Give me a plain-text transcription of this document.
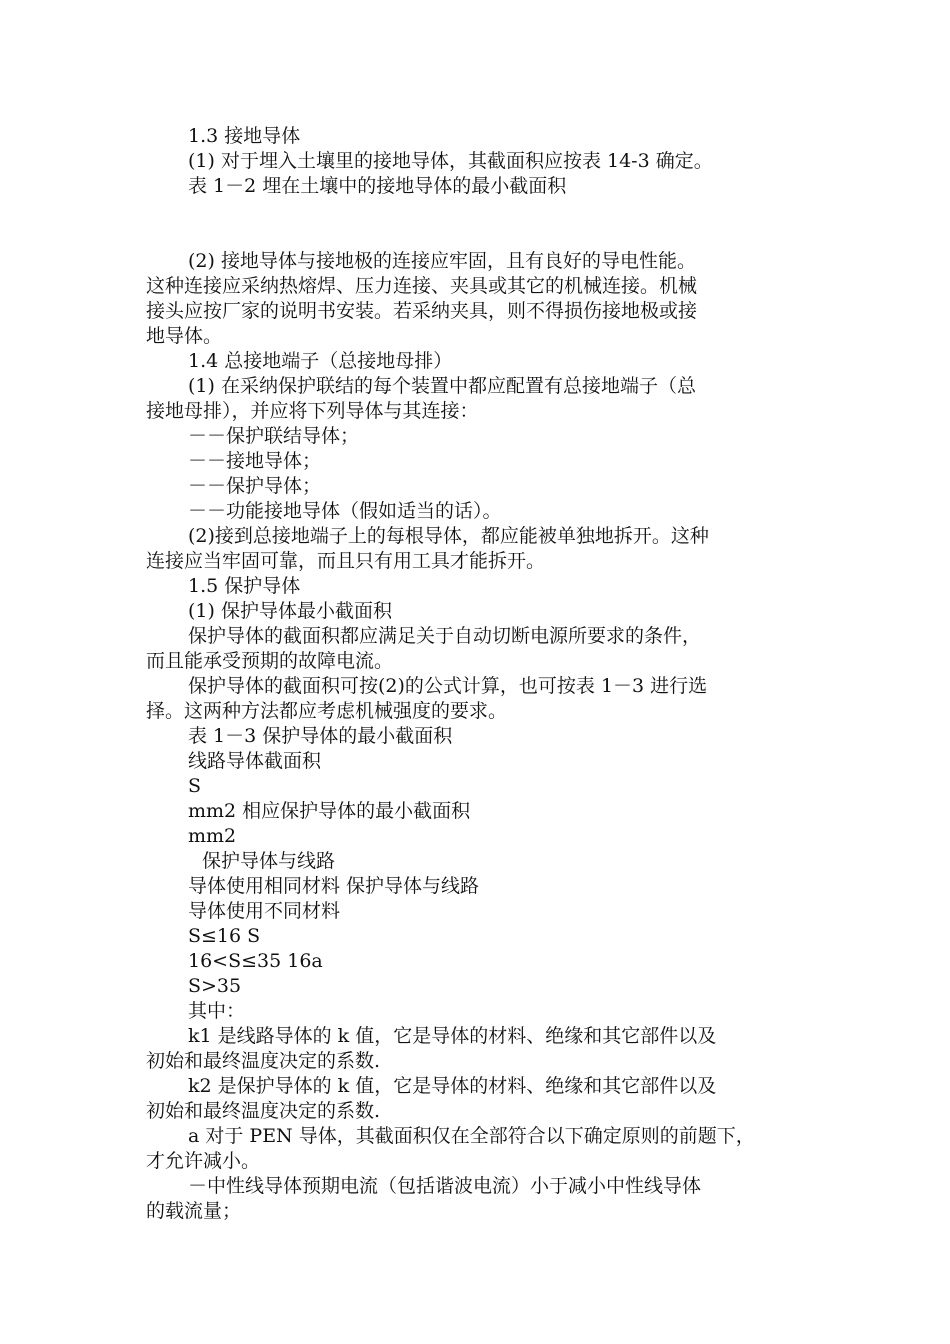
1.3 接地导体
(1) 对于埋入土壤里的接地导体，其截面积应按表 14-3 确定。
表 1－2 埋在土壤中的接地导体的最小截面积
(2) 接地导体与接地极的连接应牢固，且有良好的导电性能。
这种连接应采纳热熔焊、压力连接、夹具或其它的机械连接。机械
接头应按厂家的说明书安装。若采纳夹具，则不得损伤接地极或接
地导体。
1.4 总接地端子（总接地母排）
(1) 在采纳保护联结的每个装置中都应配置有总接地端子（总
接地母排），并应将下列导体与其连接：
－－保护联结导体；
－－接地导体；
－－保护导体；
－－功能接地导体（假如适当的话）。
(2)接到总接地端子上的每根导体，都应能被单独地拆开。这种
连接应当牢固可靠，而且只有用工具才能拆开。
1.5 保护导体
(1) 保护导体最小截面积
保护导体的截面积都应满足关于自动切断电源所要求的条件，
而且能承受预期的故障电流。
保护导体的截面积可按(2)的公式计算，也可按表 1－3 进行选
择。这两种方法都应考虑机械强度的要求。
表 1－3 保护导体的最小截面积
线路导体截面积
S
mm2 相应保护导体的最小截面积
mm2
保护导体与线路
导体使用相同材料 保护导体与线路
导体使用不同材料
S≤16 S
16<S≤35 16a
S>35
其中：
k1 是线路导体的 k 值，它是导体的材料、绝缘和其它部件以及
初始和最终温度决定的系数.
k2 是保护导体的 k 值，它是导体的材料、绝缘和其它部件以及
初始和最终温度决定的系数.
a 对于 PEN 导体，其截面积仅在全部符合以下确定原则的前题下，
才允许减小。
－中性线导体预期电流（包括谐波电流）小于减小中性线导体
的载流量；
